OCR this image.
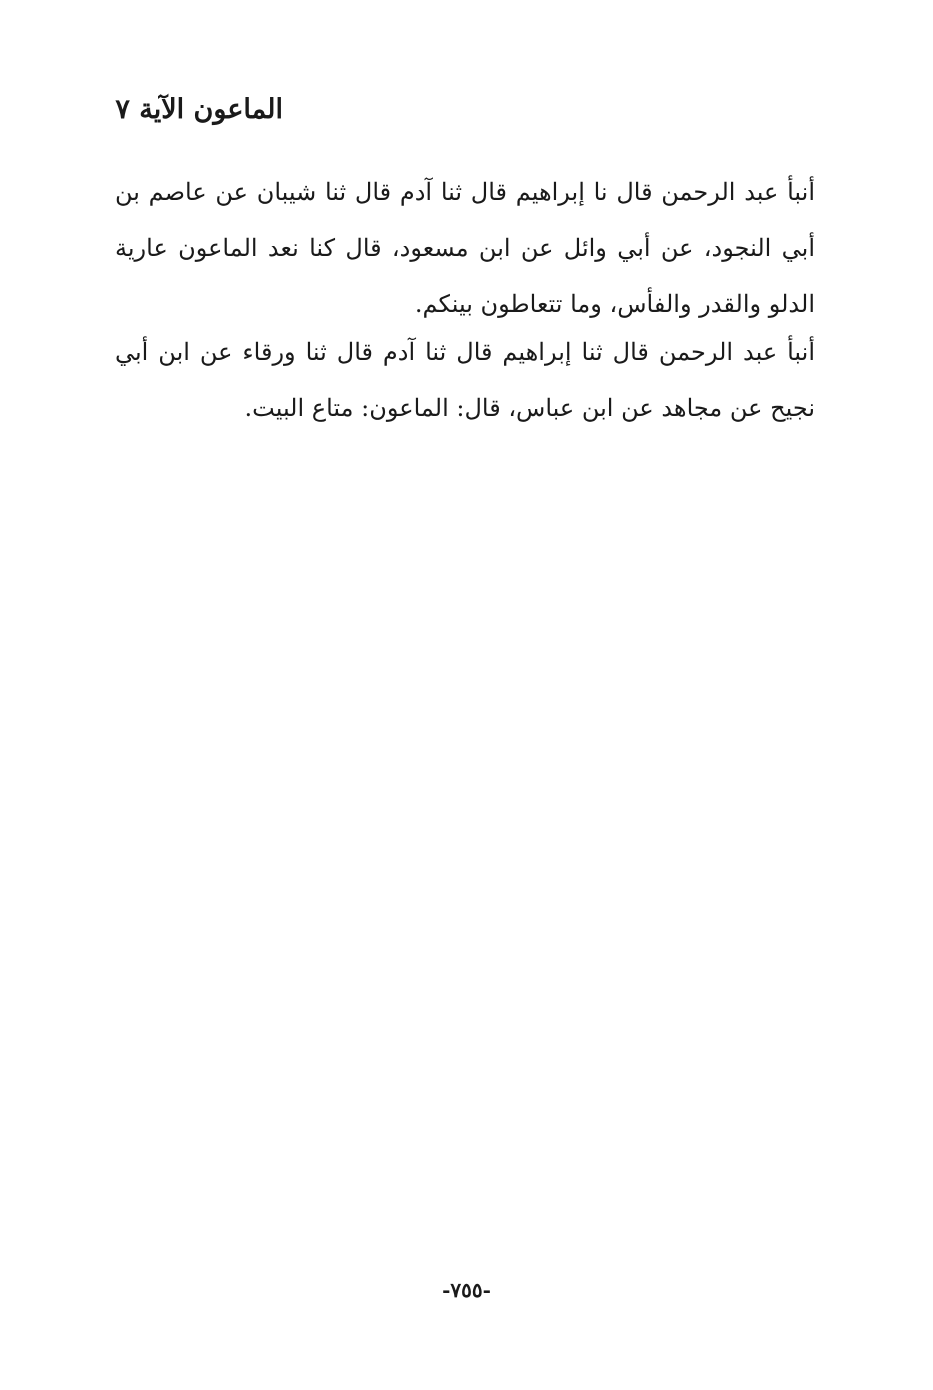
الماعون الآية ٧

أنبأ عبد الرحمن قال نا إبراهيم قال ثنا آدم قال ثنا شيبان عن عاصم بن أبي النجود، عن أبي وائل عن ابن مسعود، قال كنا نعد الماعون عارية الدلو والقدر والفأس، وما تتعاطون بينكم.

أنبأ عبد الرحمن قال ثنا إبراهيم قال ثنا آدم قال ثنا ورقاء عن ابن أبي نجيح عن مجاهد عن ابن عباس، قال: الماعون: متاع البيت.

-٧٥٥-
